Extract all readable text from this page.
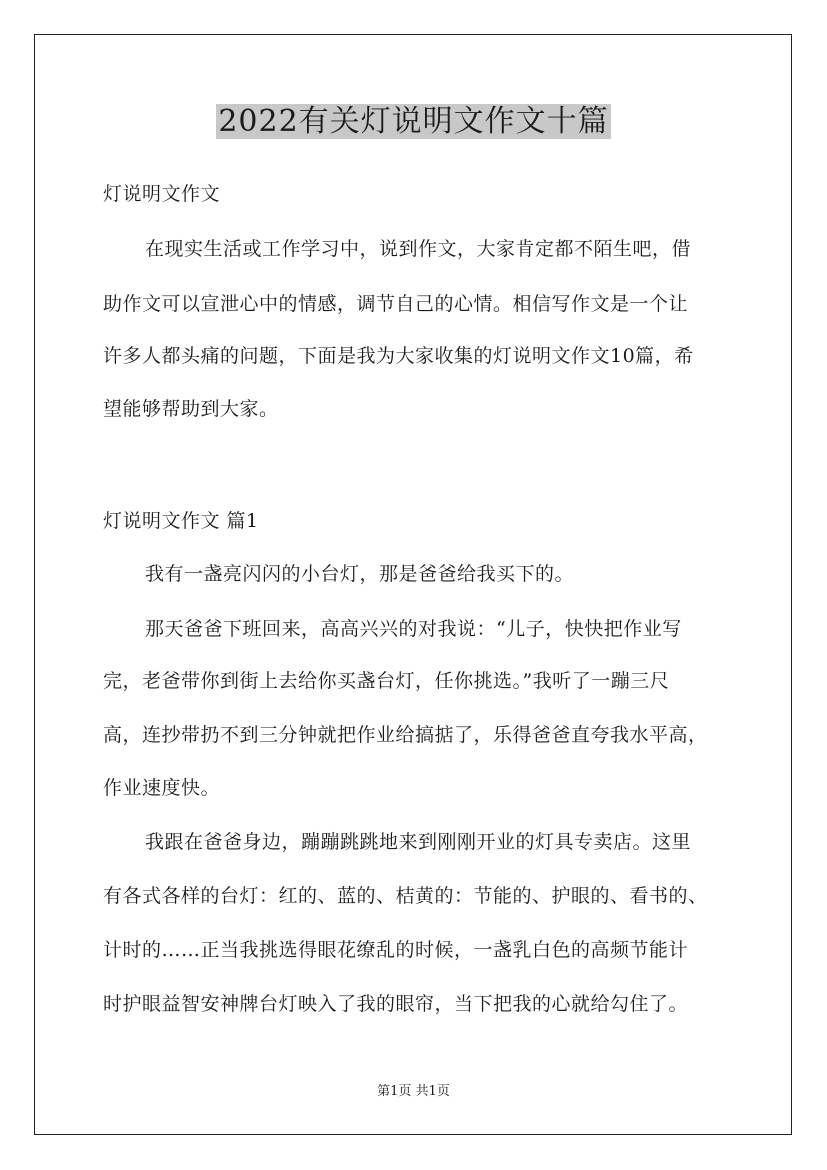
2022有关灯说明文作文十篇
灯说明文作文
在现实生活或工作学习中，说到作文，大家肯定都不陌生吧，借
助作文可以宣泄心中的情感，调节自己的心情。相信写作文是一个让
许多人都头痛的问题，下面是我为大家收集的灯说明文作文10篇，希
望能够帮助到大家。
灯说明文作文 篇1
我有一盏亮闪闪的小台灯，那是爸爸给我买下的。
那天爸爸下班回来，高高兴兴的对我说：“儿子，快快把作业写
完，老爸带你到街上去给你买盏台灯，任你挑选。”我听了一蹦三尺
高，连抄带扔不到三分钟就把作业给搞掂了，乐得爸爸直夸我水平高，
作业速度快。
我跟在爸爸身边，蹦蹦跳跳地来到刚刚开业的灯具专卖店。这里
有各式各样的台灯：红的、蓝的、桔黄的：节能的、护眼的、看书的、
计时的……正当我挑选得眼花缭乱的时候，一盏乳白色的高频节能计
时护眼益智安神牌台灯映入了我的眼帘，当下把我的心就给勾住了。
第1页 共1页
